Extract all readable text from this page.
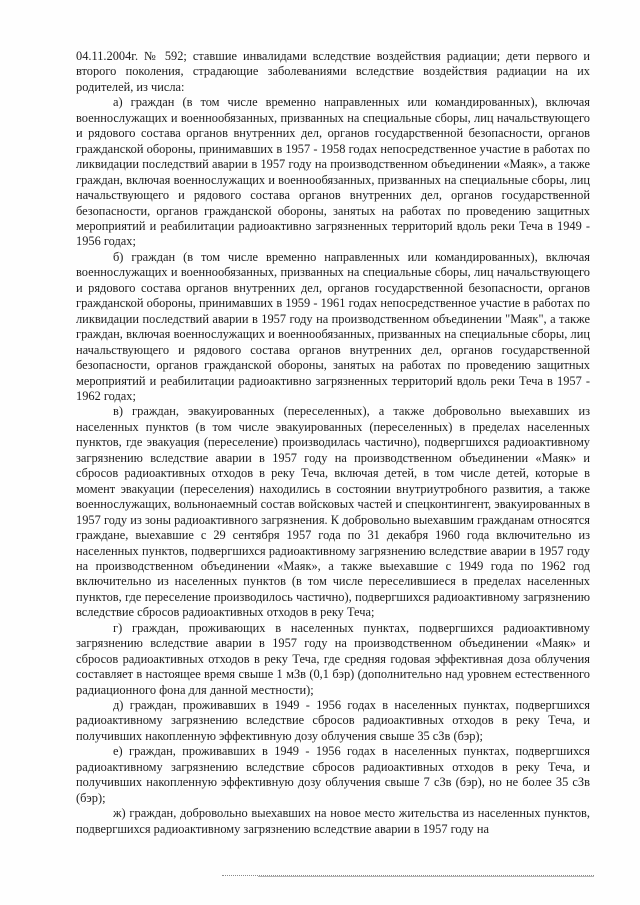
04.11.2004г. № 592; ставшие инвалидами вследствие воздействия радиации; дети первого и второго поколения, страдающие заболеваниями вследствие воздействия радиации на их родителей, из числа:

а) граждан (в том числе временно направленных или командированных), включая военнослужащих и военнообязанных, призванных на специальные сборы, лиц начальствующего и рядового состава органов внутренних дел, органов государственной безопасности, органов гражданской обороны, принимавших в 1957 - 1958 годах непосредственное участие в работах по ликвидации последствий аварии в 1957 году на производственном объединении «Маяк», а также граждан, включая военнослужащих и военнообязанных, призванных на специальные сборы, лиц начальствующего и рядового состава органов внутренних дел, органов государственной безопасности, органов гражданской обороны, занятых на работах по проведению защитных мероприятий и реабилитации радиоактивно загрязненных территорий вдоль реки Теча в 1949 - 1956 годах;

б) граждан (в том числе временно направленных или командированных), включая военнослужащих и военнообязанных, призванных на специальные сборы, лиц начальствующего и рядового состава органов внутренних дел, органов государственной безопасности, органов гражданской обороны, принимавших в 1959 - 1961 годах непосредственное участие в работах по ликвидации последствий аварии в 1957 году на производственном объединении "Маяк", а также граждан, включая военнослужащих и военнообязанных, призванных на специальные сборы, лиц начальствующего и рядового состава органов внутренних дел, органов государственной безопасности, органов гражданской обороны, занятых на работах по проведению защитных мероприятий и реабилитации радиоактивно загрязненных территорий вдоль реки Теча в 1957 - 1962 годах;

в) граждан, эвакуированных (переселенных), а также добровольно выехавших из населенных пунктов (в том числе эвакуированных (переселенных) в пределах населенных пунктов, где эвакуация (переселение) производилась частично), подвергшихся радиоактивному загрязнению вследствие аварии в 1957 году на производственном объединении «Маяк» и сбросов радиоактивных отходов в реку Теча, включая детей, в том числе детей, которые в момент эвакуации (переселения) находились в состоянии внутриутробного развития, а также военнослужащих, вольнонаемный состав войсковых частей и спецконтингент, эвакуированных в 1957 году из зоны радиоактивного загрязнения. К добровольно выехавшим гражданам относятся граждане, выехавшие с 29 сентября 1957 года по 31 декабря 1960 года включительно из населенных пунктов, подвергшихся радиоактивному загрязнению вследствие аварии в 1957 году на производственном объединении «Маяк», а также выехавшие с 1949 года по 1962 год включительно из населенных пунктов (в том числе переселившиеся в пределах населенных пунктов, где переселение производилось частично), подвергшихся радиоактивному загрязнению вследствие сбросов радиоактивных отходов в реку Теча;

г) граждан, проживающих в населенных пунктах, подвергшихся радиоактивному загрязнению вследствие аварии в 1957 году на производственном объединении «Маяк» и сбросов радиоактивных отходов в реку Теча, где средняя годовая эффективная доза облучения составляет в настоящее время свыше 1 мЗв (0,1 бэр) (дополнительно над уровнем естественного радиационного фона для данной местности);

д) граждан, проживавших в 1949 - 1956 годах в населенных пунктах, подвергшихся радиоактивному загрязнению вследствие сбросов радиоактивных отходов в реку Теча, и получивших накопленную эффективную дозу облучения свыше 35 сЗв (бэр);

е) граждан, проживавших в 1949 - 1956 годах в населенных пунктах, подвергшихся радиоактивному загрязнению вследствие сбросов радиоактивных отходов в реку Теча, и получивших накопленную эффективную дозу облучения свыше 7 сЗв (бэр), но не более 35 сЗв (бэр);

ж) граждан, добровольно выехавших на новое место жительства из населенных пунктов, подвергшихся радиоактивному загрязнению вследствие аварии в 1957 году на
